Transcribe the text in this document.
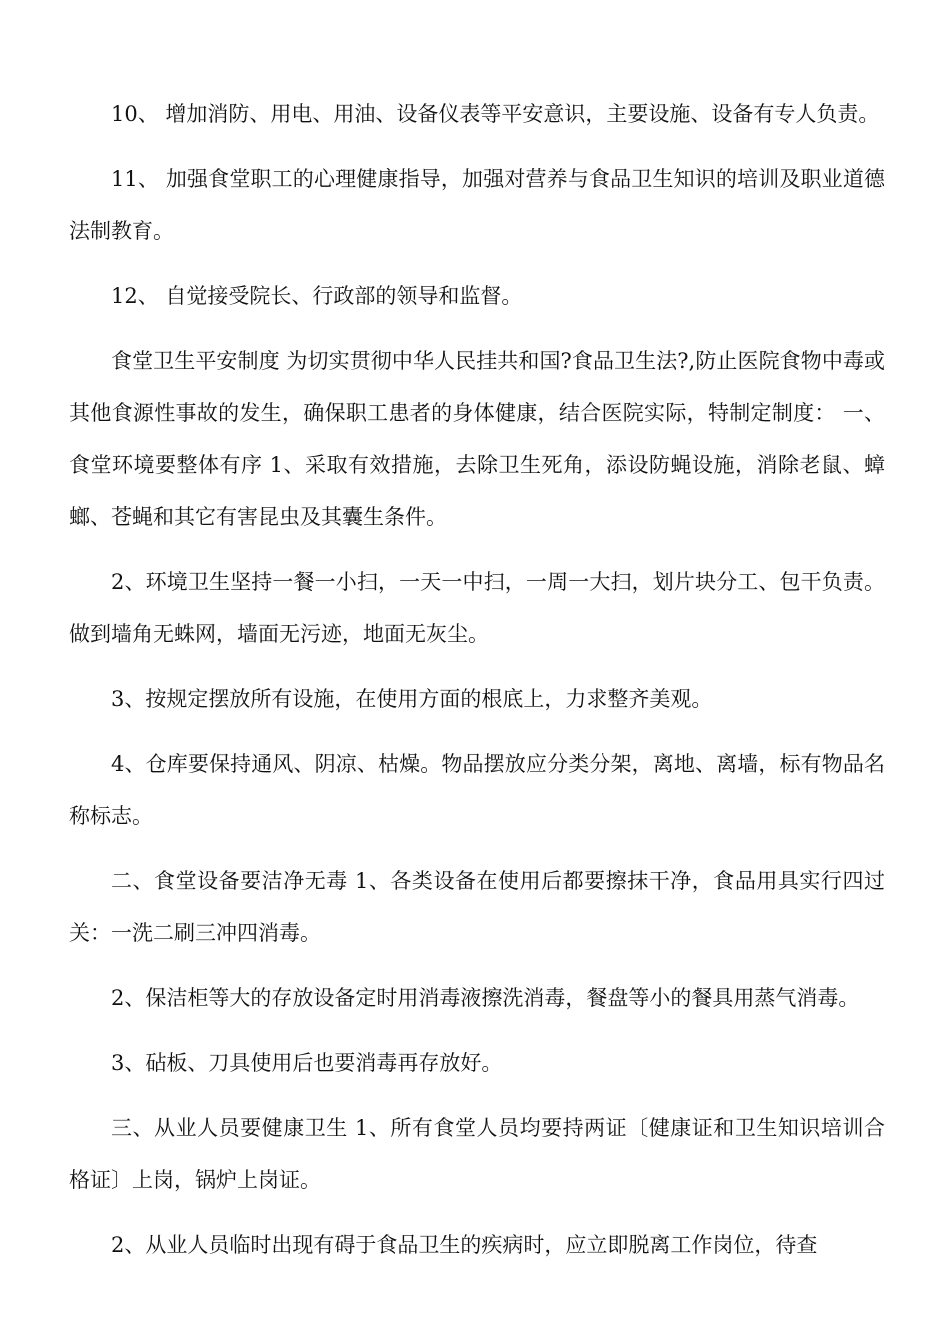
10、 增加消防、用电、用油、设备仪表等平安意识，主要设施、设备有专人负责。

11、 加强食堂职工的心理健康指导，加强对营养与食品卫生知识的培训及职业道德法制教育。

12、 自觉接受院长、行政部的领导和监督。

食堂卫生平安制度 为切实贯彻中华人民挂共和国?食品卫生法?,防止医院食物中毒或其他食源性事故的发生，确保职工患者的身体健康，结合医院实际，特制定制度： 一、食堂环境要整体有序 1、采取有效措施，去除卫生死角，添设防蝇设施，消除老鼠、蟑螂、苍蝇和其它有害昆虫及其囊生条件。

2、环境卫生坚持一餐一小扫，一天一中扫，一周一大扫，划片块分工、包干负责。做到墙角无蛛网，墙面无污迹，地面无灰尘。

3、按规定摆放所有设施，在使用方面的根底上，力求整齐美观。

4、仓库要保持通风、阴凉、枯燥。物品摆放应分类分架，离地、离墙，标有物品名称标志。

二、食堂设备要洁净无毒 1、各类设备在使用后都要擦抹干净，食品用具实行四过关：一洗二刷三冲四消毒。

2、保洁柜等大的存放设备定时用消毒液擦洗消毒，餐盘等小的餐具用蒸气消毒。

3、砧板、刀具使用后也要消毒再存放好。

三、从业人员要健康卫生 1、所有食堂人员均要持两证〔健康证和卫生知识培训合格证〕上岗，锅炉上岗证。

2、从业人员临时出现有碍于食品卫生的疾病时，应立即脱离工作岗位，待查
